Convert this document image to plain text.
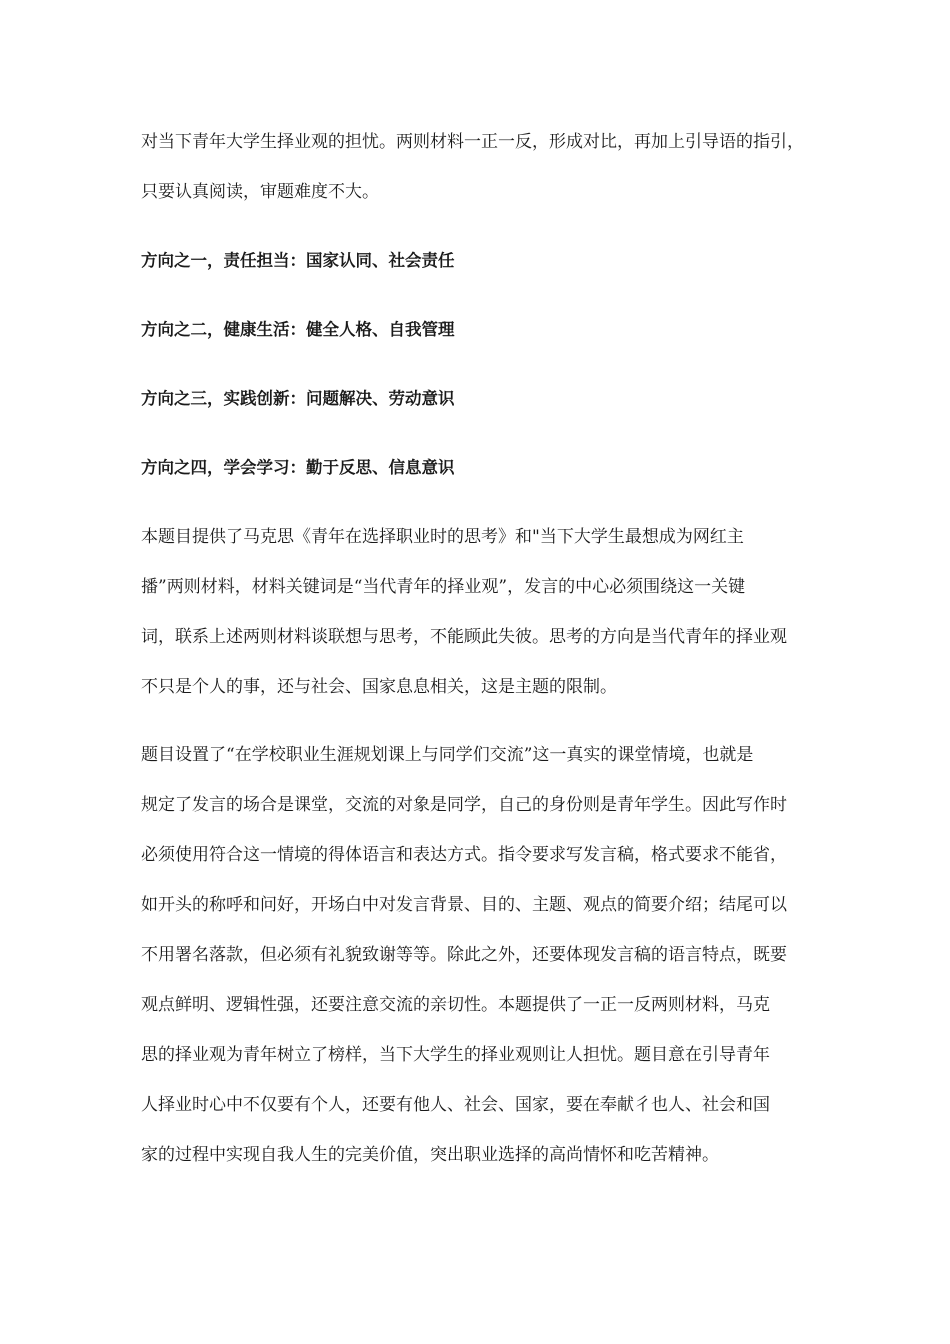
对当下青年大学生择业观的担忧。两则材料一正一反，形成对比，再加上引导语的指引，
只要认真阅读，审题难度不大。
方向之一，责任担当：国家认同、社会责任
方向之二，健康生活：健全人格、自我管理
方向之三，实践创新：问题解决、劳动意识
方向之四，学会学习：勤于反思、信息意识
本题目提供了马克思《青年在选择职业时的思考》和"当下大学生最想成为网红主
播”两则材料，材料关键词是“当代青年的择业观”，发言的中心必须围绕这一关键
词，联系上述两则材料谈联想与思考，不能顾此失彼。思考的方向是当代青年的择业观
不只是个人的事，还与社会、国家息息相关，这是主题的限制。
题目设置了“在学校职业生涯规划课上与同学们交流”这一真实的课堂情境，也就是
规定了发言的场合是课堂，交流的对象是同学，自己的身份则是青年学生。因此写作时
必须使用符合这一情境的得体语言和表达方式。指令要求写发言稿，格式要求不能省，
如开头的称呼和问好，开场白中对发言背景、目的、主题、观点的简要介绍；结尾可以
不用署名落款，但必须有礼貌致谢等等。除此之外，还要体现发言稿的语言特点，既要
观点鲜明、逻辑性强，还要注意交流的亲切性。本题提供了一正一反两则材料，马克
思的择业观为青年树立了榜样，当下大学生的择业观则让人担忧。题目意在引导青年
人择业时心中不仅要有个人，还要有他人、社会、国家，要在奉献彳也人、社会和国
家的过程中实现自我人生的完美价值，突出职业选择的高尚情怀和吃苦精神。
